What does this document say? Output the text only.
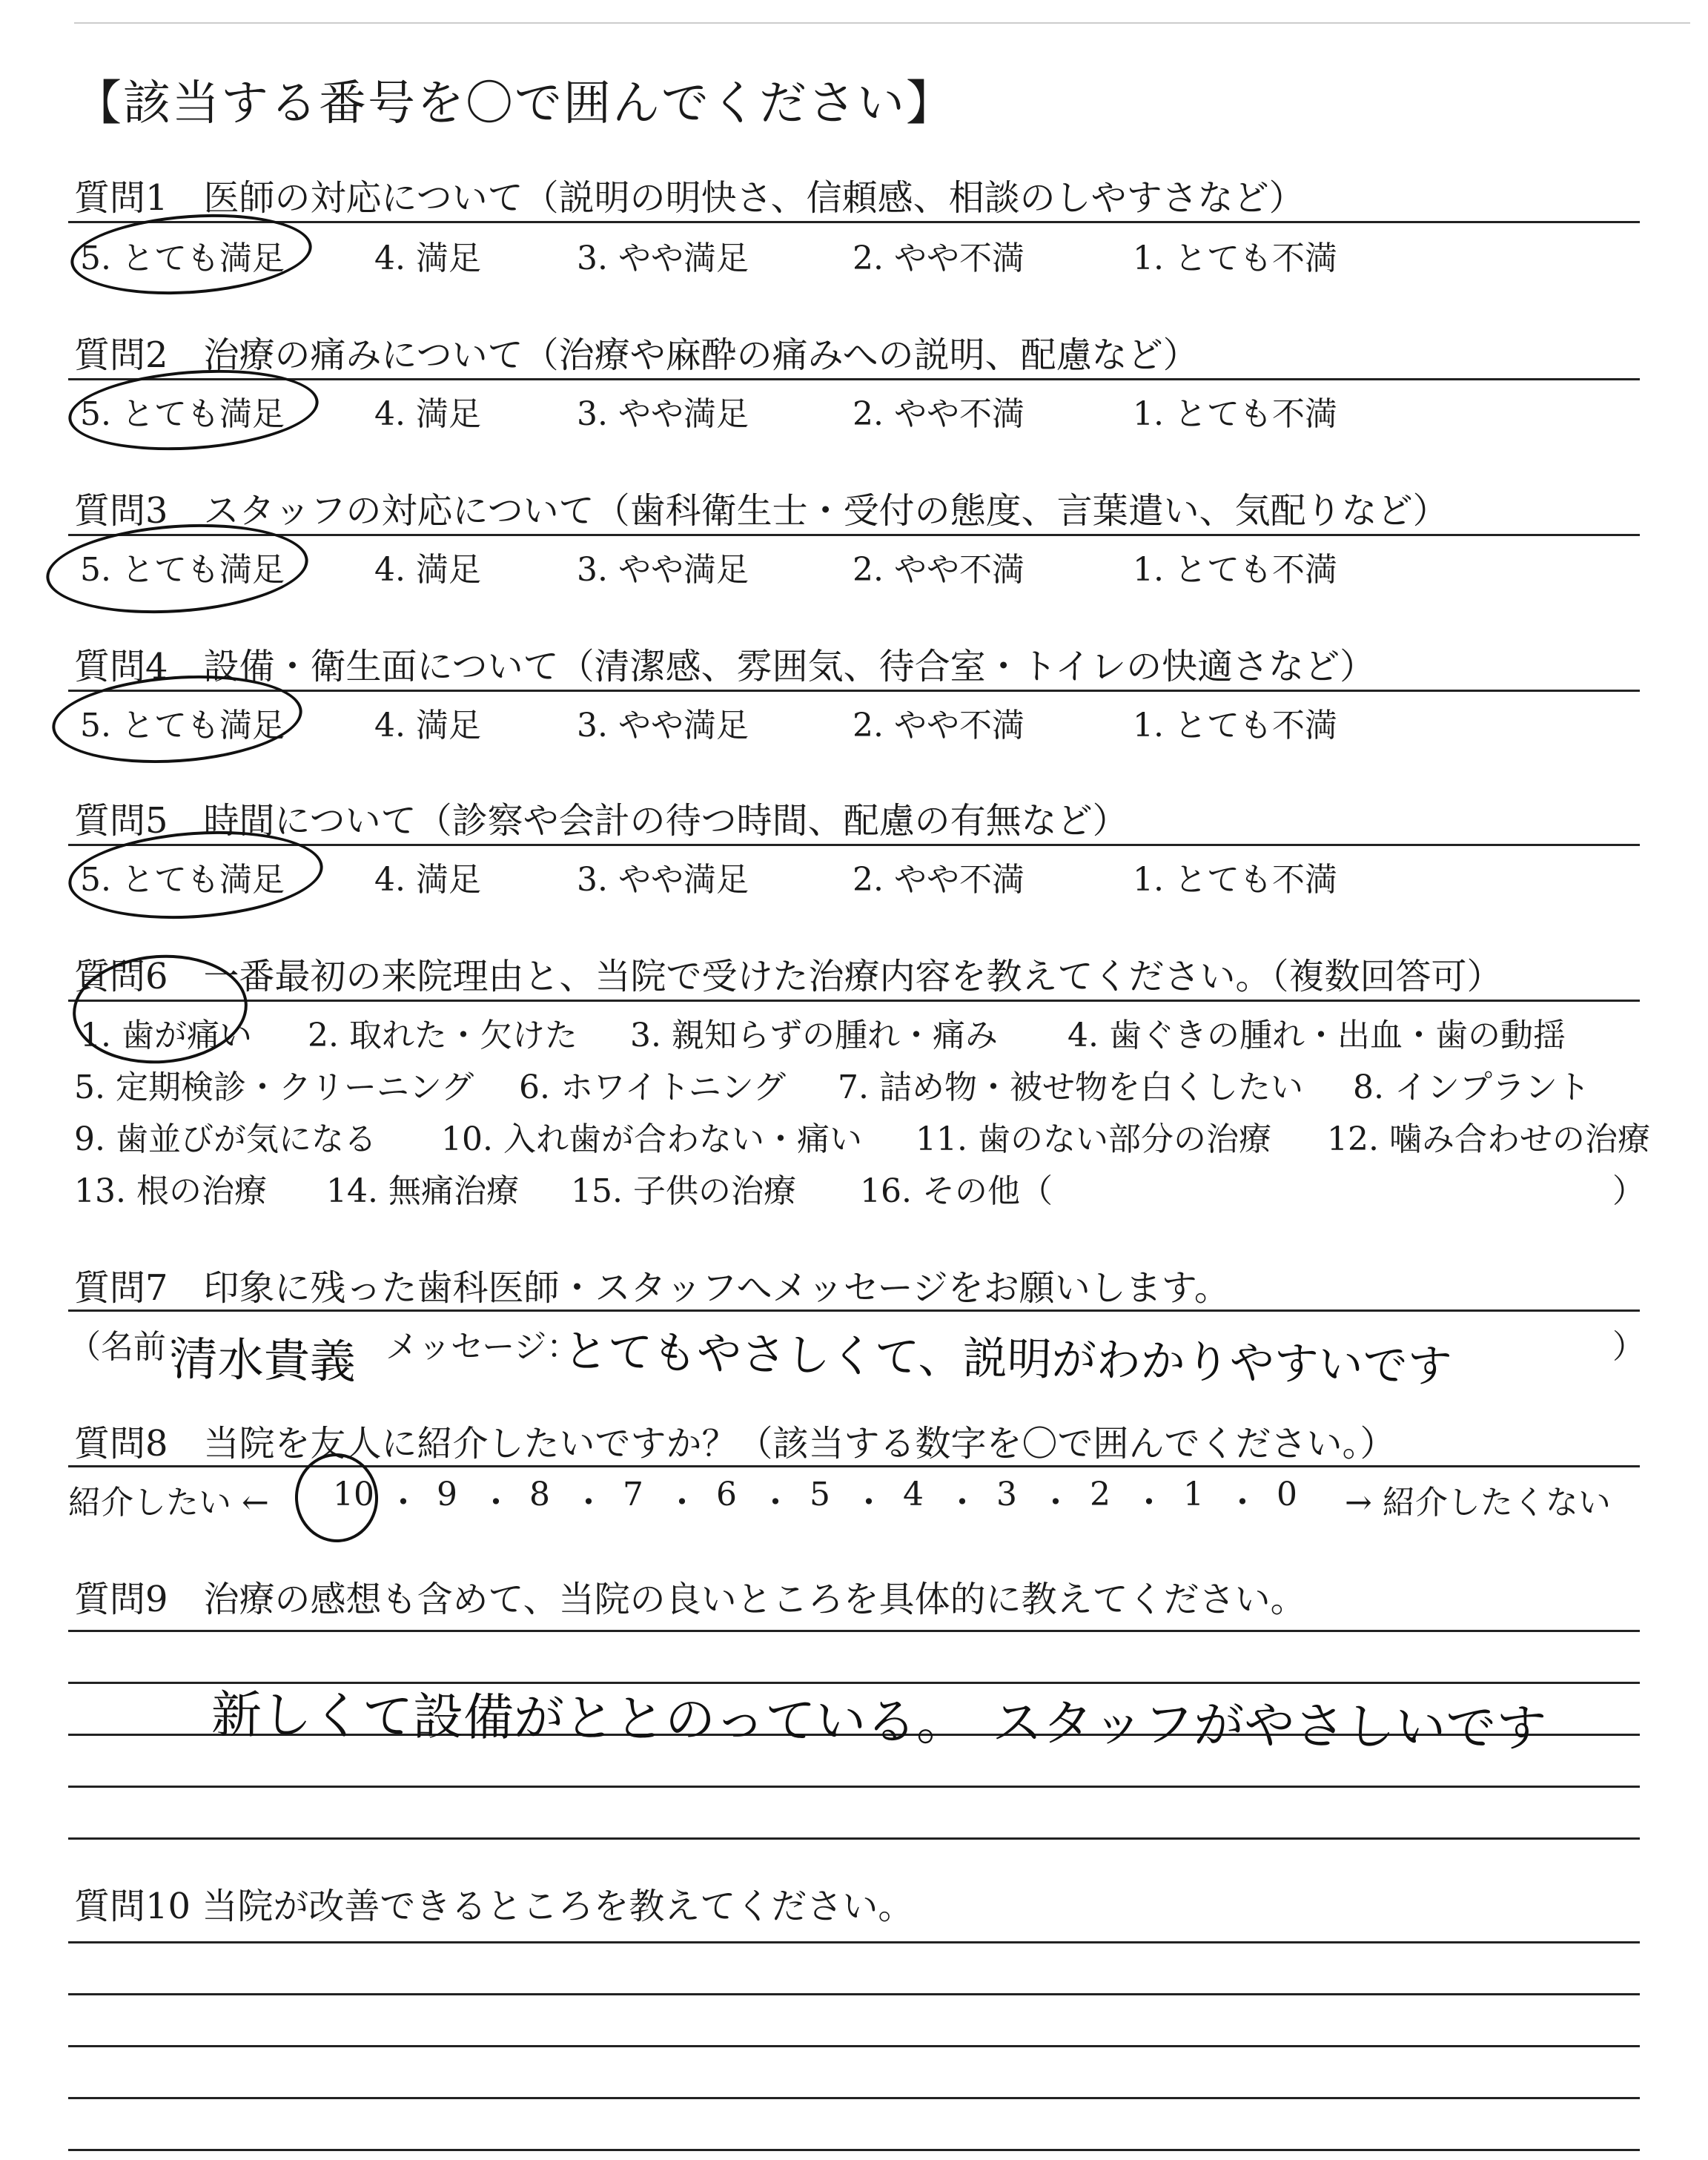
【該当する番号を〇で囲んでください】
質問1　医師の対応について（説明の明快さ、信頼感、相談のしやすさなど）
5. とても満足	4. 満足	3. やや満足	2. やや不満	1. とても不満
質問2　治療の痛みについて（治療や麻酔の痛みへの説明、配慮など）
5. とても満足	4. 満足	3. やや満足	2. やや不満	1. とても不満
質問3　スタッフの対応について（歯科衛生士・受付の態度、言葉遣い、気配りなど）
5. とても満足	4. 満足	3. やや満足	2. やや不満	1. とても不満
質問4　設備・衛生面について（清潔感、雰囲気、待合室・トイレの快適さなど）
5. とても満足	4. 満足	3. やや満足	2. やや不満	1. とても不満
質問5　時間について（診察や会計の待つ時間、配慮の有無など）
5. とても満足	4. 満足	3. やや満足	2. やや不満	1. とても不満
質問6　一番最初の来院理由と、当院で受けた治療内容を教えてください。（複数回答可）
1. 歯が痛い 2. 取れた・欠けた 3. 親知らずの腫れ・痛み 4. 歯ぐきの腫れ・出血・歯の動揺
5. 定期検診・クリーニング 6. ホワイトニング 7. 詰め物・被せ物を白くしたい 8. インプラント
9. 歯並びが気になる 10. 入れ歯が合わない・痛い 11. 歯のない部分の治療 12. 噛み合わせの治療
13. 根の治療 14. 無痛治療 15. 子供の治療 16. その他（	）
質問7　印象に残った歯科医師・スタッフへメッセージをお願いします。
（名前：	メッセージ：	）
清水貴義	とてもやさしくて、説明がわかりやすいです
質問8　当院を友人に紹介したいですか？（該当する数字を〇で囲んでください。）
紹介したい ← 10 ・ 9 ・ 8 ・ 7 ・ 6 ・ 5 ・ 4 ・ 3 ・ 2 ・ 1 ・ 0 → 紹介したくない
質問9　治療の感想も含めて、当院の良いところを具体的に教えてください。
新しくて設備がととのっている。　スタッフがやさしいです
質問10 当院が改善できるところを教えてください。
